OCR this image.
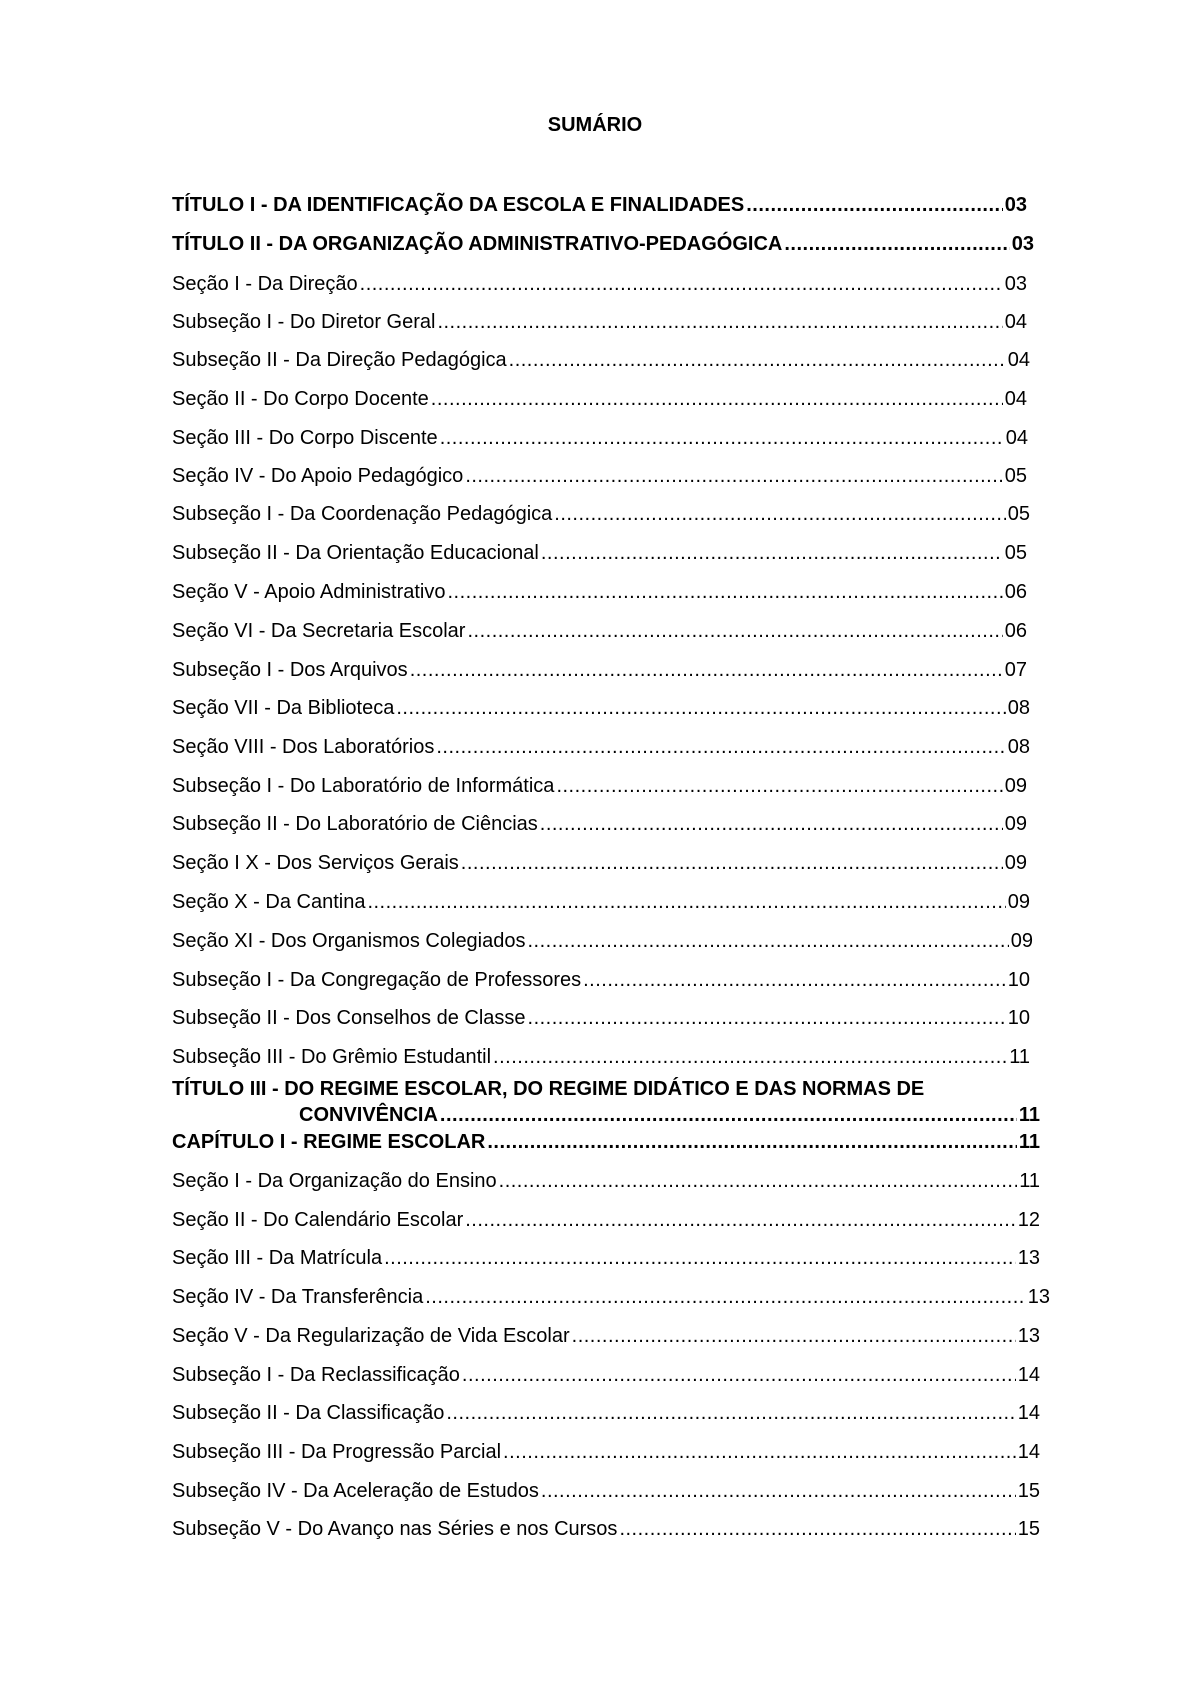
SUMÁRIO
TÍTULO I - DA IDENTIFICAÇÃO DA ESCOLA E FINALIDADES .....	03
TÍTULO II - DA ORGANIZAÇÃO ADMINISTRATIVO-PEDAGÓGICA .....	03
Seção I - Da Direção .....	03
Subseção I - Do Diretor Geral .....	04
Subseção II - Da Direção Pedagógica .....	04
Seção II - Do Corpo Docente .....	04
Seção III - Do Corpo Discente .....	04
Seção IV - Do Apoio Pedagógico .....	05
Subseção I - Da Coordenação Pedagógica .....	05
Subseção II - Da Orientação Educacional .....	05
Seção V - Apoio Administrativo .....	06
Seção VI - Da Secretaria Escolar .....	06
Subseção I - Dos Arquivos .....	07
Seção VII - Da Biblioteca .....	08
Seção VIII - Dos Laboratórios .....	08
Subseção I - Do Laboratório de Informática .....	09
Subseção II - Do Laboratório de Ciências .....	09
Seção I X - Dos Serviços Gerais .....	09
Seção X - Da Cantina .....	09
Seção XI - Dos Organismos Colegiados .....	09
Subseção I - Da Congregação de Professores .....	10
Subseção II - Dos Conselhos de Classe .....	10
Subseção III - Do Grêmio Estudantil .....	11
TÍTULO III - DO REGIME ESCOLAR, DO REGIME DIDÁTICO E DAS NORMAS DE
CONVIVÊNCIA .....	11
CAPÍTULO I - REGIME ESCOLAR .....	11
Seção I - Da Organização do Ensino .....	11
Seção II - Do Calendário Escolar .....	12
Seção III - Da Matrícula .....	13
Seção IV - Da Transferência .....	13
Seção V - Da Regularização de Vida Escolar .....	13
Subseção I - Da Reclassificação .....	14
Subseção II - Da Classificação .....	14
Subseção III - Da Progressão Parcial .....	14
Subseção IV - Da Aceleração de Estudos .....	15
Subseção V - Do Avanço nas Séries e nos Cursos .....	15
